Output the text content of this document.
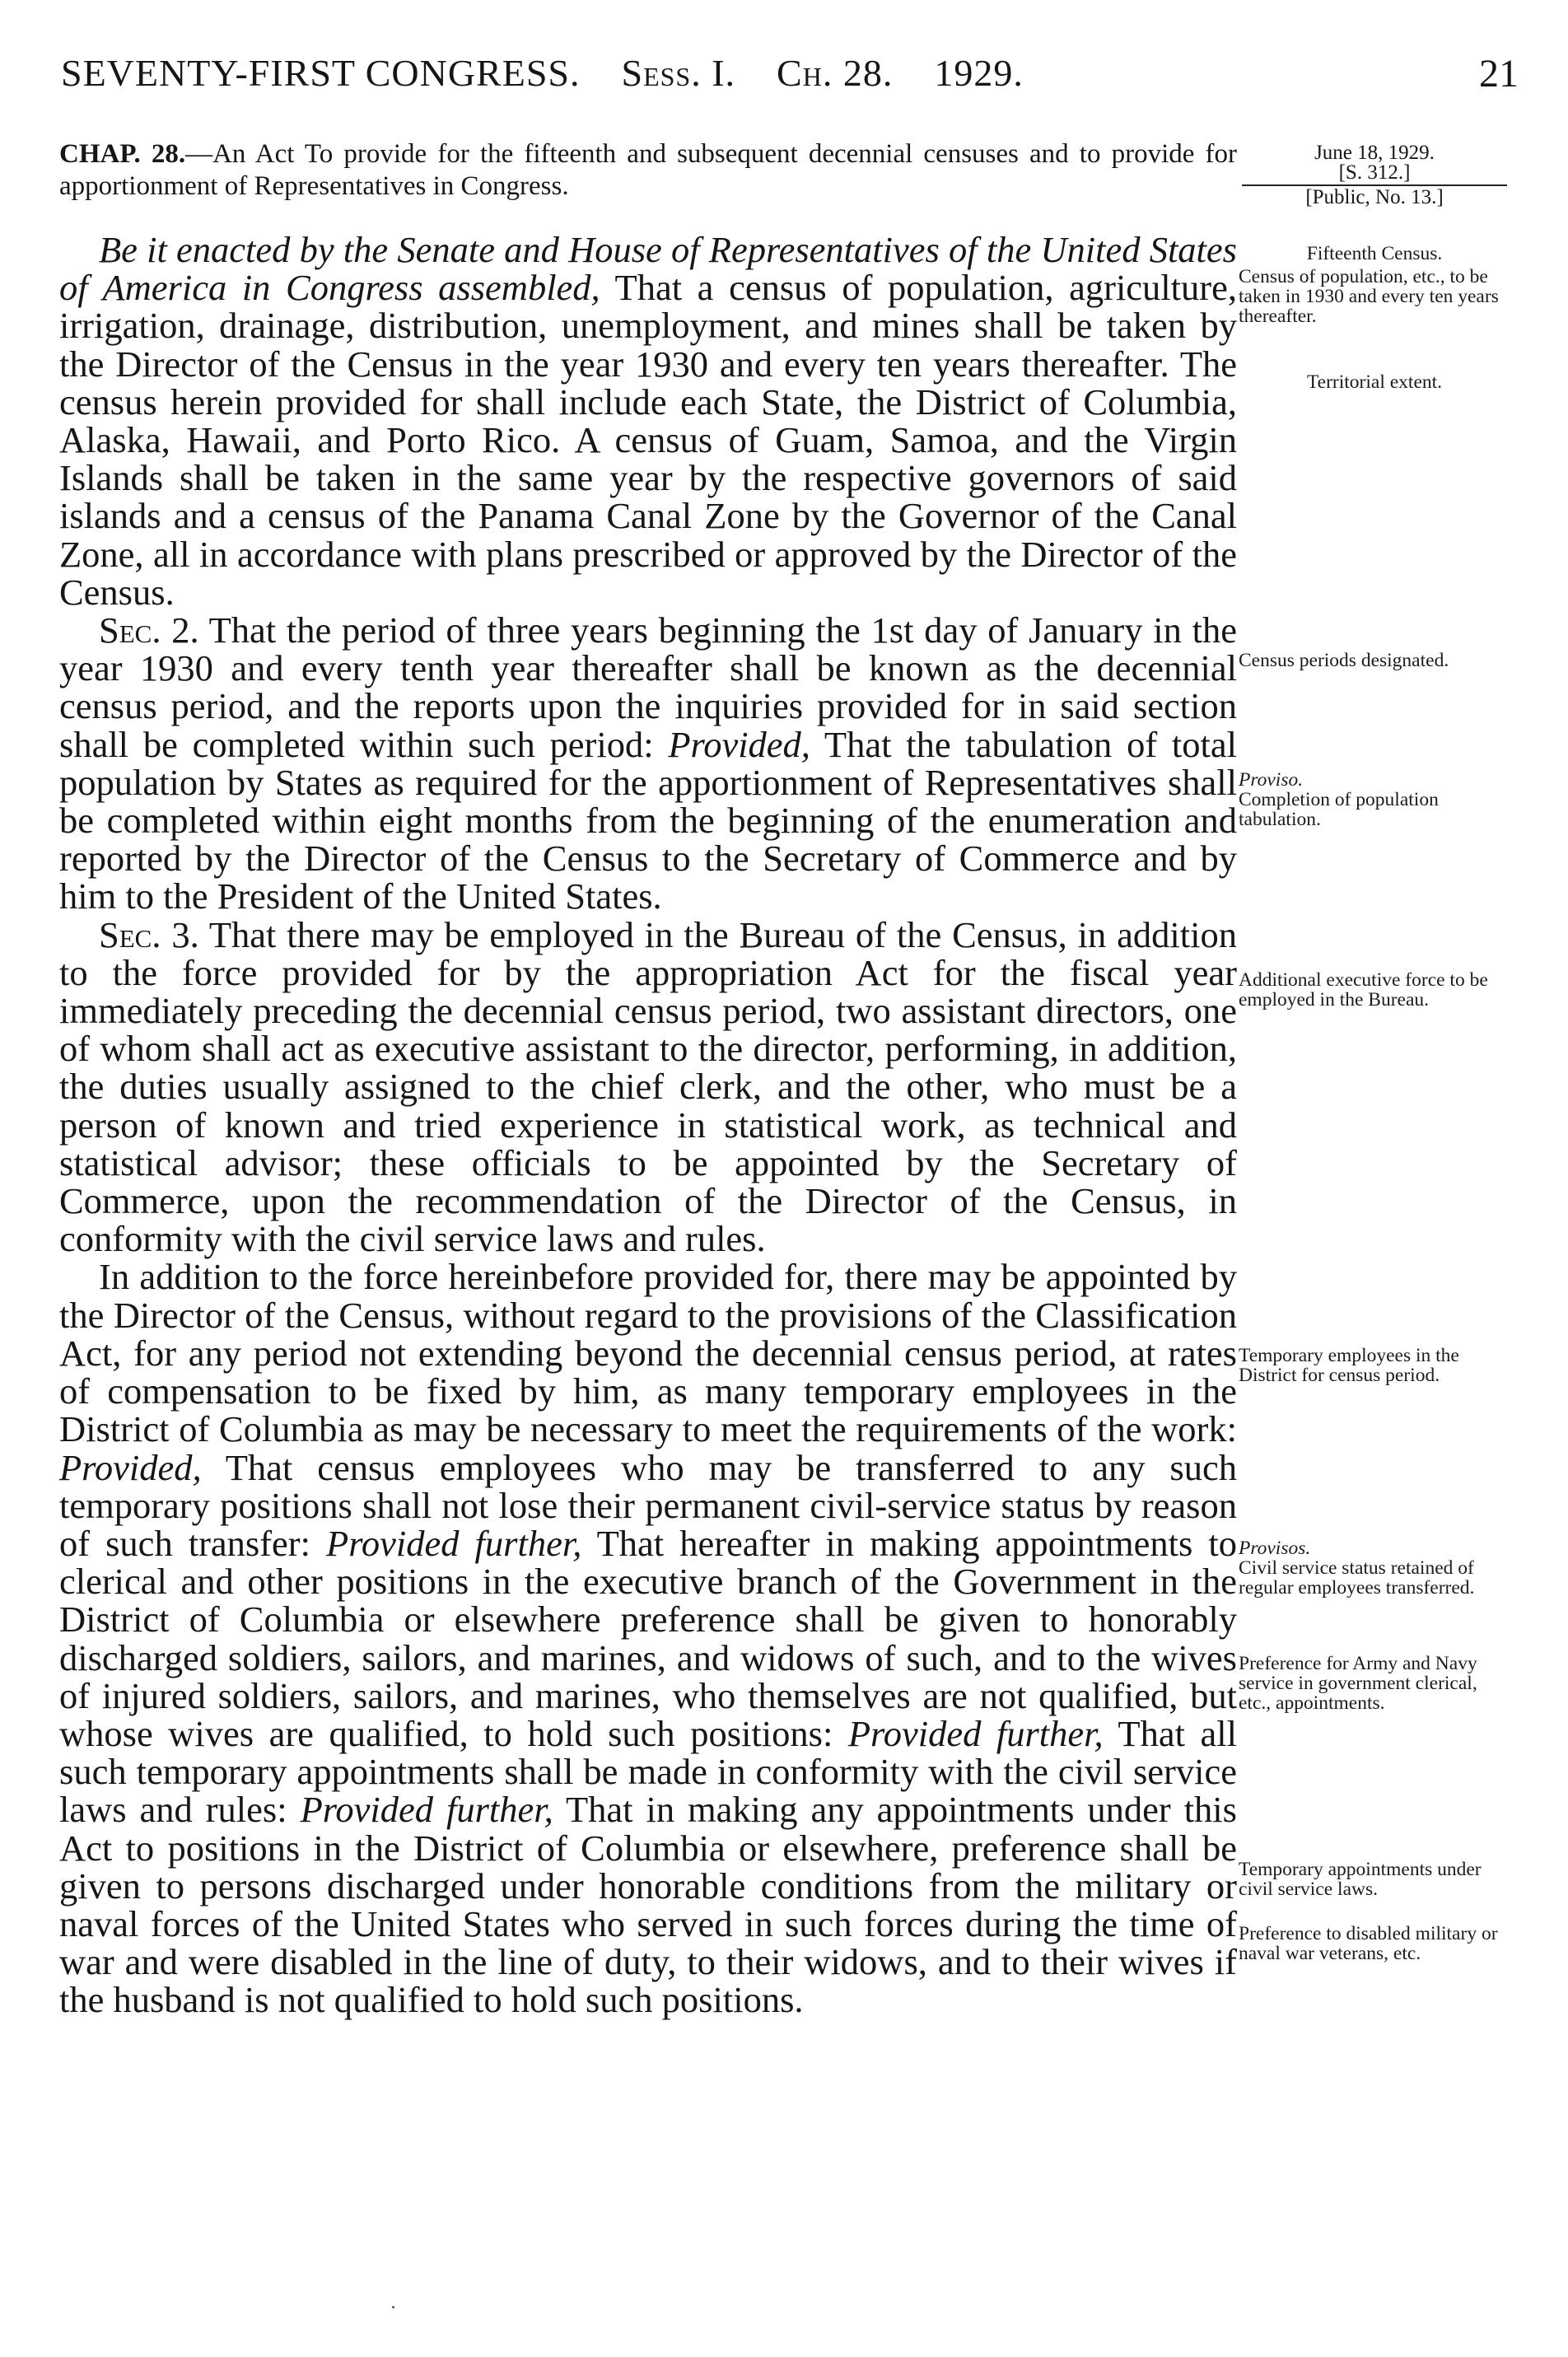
SEVENTY-FIRST CONGRESS. Sess. I. Ch. 28. 1929.	21
June 18, 1929.
[S. 312.]
[Public, No. 13.]
CHAP. 28.—An Act To provide for the fifteenth and subsequent decennial censuses and to provide for apportionment of Representatives in Congress.

Be it enacted by the Senate and House of Representatives of the United States of America in Congress assembled, That a census of population, agriculture, irrigation, drainage, distribution, unemployment, and mines shall be taken by the Director of the Census in the year 1930 and every ten years thereafter. The census herein provided for shall include each State, the District of Columbia, Alaska, Hawaii, and Porto Rico. A census of Guam, Samoa, and the Virgin Islands shall be taken in the same year by the respective governors of said islands and a census of the Panama Canal Zone by the Governor of the Canal Zone, all in accordance with plans prescribed or approved by the Director of the Census.

Sec. 2. That the period of three years beginning the 1st day of January in the year 1930 and every tenth year thereafter shall be known as the decennial census period, and the reports upon the inquiries provided for in said section shall be completed within such period: Provided, That the tabulation of total population by States as required for the apportionment of Representatives shall be completed within eight months from the beginning of the enumeration and reported by the Director of the Census to the Secretary of Commerce and by him to the President of the United States.

Sec. 3. That there may be employed in the Bureau of the Census, in addition to the force provided for by the appropriation Act for the fiscal year immediately preceding the decennial census period, two assistant directors, one of whom shall act as executive assistant to the director, performing, in addition, the duties usually assigned to the chief clerk, and the other, who must be a person of known and tried experience in statistical work, as technical and statistical advisor; these officials to be appointed by the Secretary of Commerce, upon the recommendation of the Director of the Census, in conformity with the civil service laws and rules.

In addition to the force hereinbefore provided for, there may be appointed by the Director of the Census, without regard to the provisions of the Classification Act, for any period not extending beyond the decennial census period, at rates of compensation to be fixed by him, as many temporary employees in the District of Columbia as may be necessary to meet the requirements of the work: Provided, That census employees who may be transferred to any such temporary positions shall not lose their permanent civil-service status by reason of such transfer: Provided further, That hereafter in making appointments to clerical and other positions in the executive branch of the Government in the District of Columbia or elsewhere preference shall be given to honorably discharged soldiers, sailors, and marines, and widows of such, and to the wives of injured soldiers, sailors, and marines, who themselves are not qualified, but whose wives are qualified, to hold such positions: Provided further, That all such temporary appointments shall be made in conformity with the civil service laws and rules: Provided further, That in making any appointments under this Act to positions in the District of Columbia or elsewhere, preference shall be given to persons discharged under honorable conditions from the military or naval forces of the United States who served in such forces during the time of war and were disabled in the line of duty, to their widows, and to their wives if the husband is not qualified to hold such positions.

Fifteenth Census.
Census of population, etc., to be taken in 1930 and every ten years thereafter.
Territorial extent.
Census periods designated.
Proviso.
Completion of population tabulation.
Additional executive force to be employed in the Bureau.
Temporary employees in the District for census period.
Provisos.
Civil service status retained of regular employees transferred.
Preference for Army and Navy service in government clerical, etc., appointments.
Temporary appointments under civil service laws.
Preference to disabled military or naval war veterans, etc.
